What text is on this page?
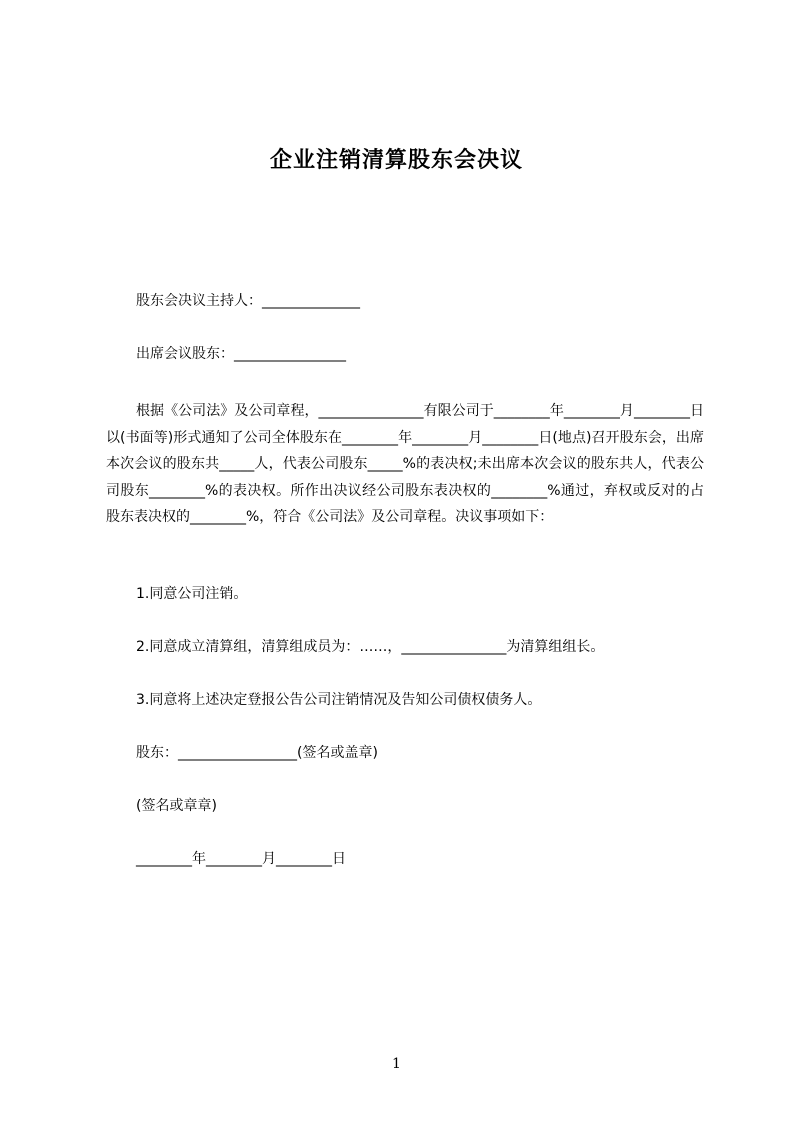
企业注销清算股东会决议
股东会决议主持人：______________
出席会议股东：________________

根据《公司法》及公司章程，_______________有限公司于________年________月________日以(书面等)形式通知了公司全体股东在________年________月________日(地点)召开股东会，出席本次会议的股东共_____人，代表公司股东_____%的表决权;未出席本次会议的股东共人，代表公司股东________%的表决权。所作出决议经公司股东表决权的________%通过，弃权或反对的占股东表决权的________%，符合《公司法》及公司章程。决议事项如下：

1.同意公司注销。
2.同意成立清算组，清算组成员为：……，_______________为清算组组长。
3.同意将上述决定登报公告公司注销情况及告知公司债权债务人。
股东：_________________(签名或盖章)
(签名或章章)
________年________月________日
1
